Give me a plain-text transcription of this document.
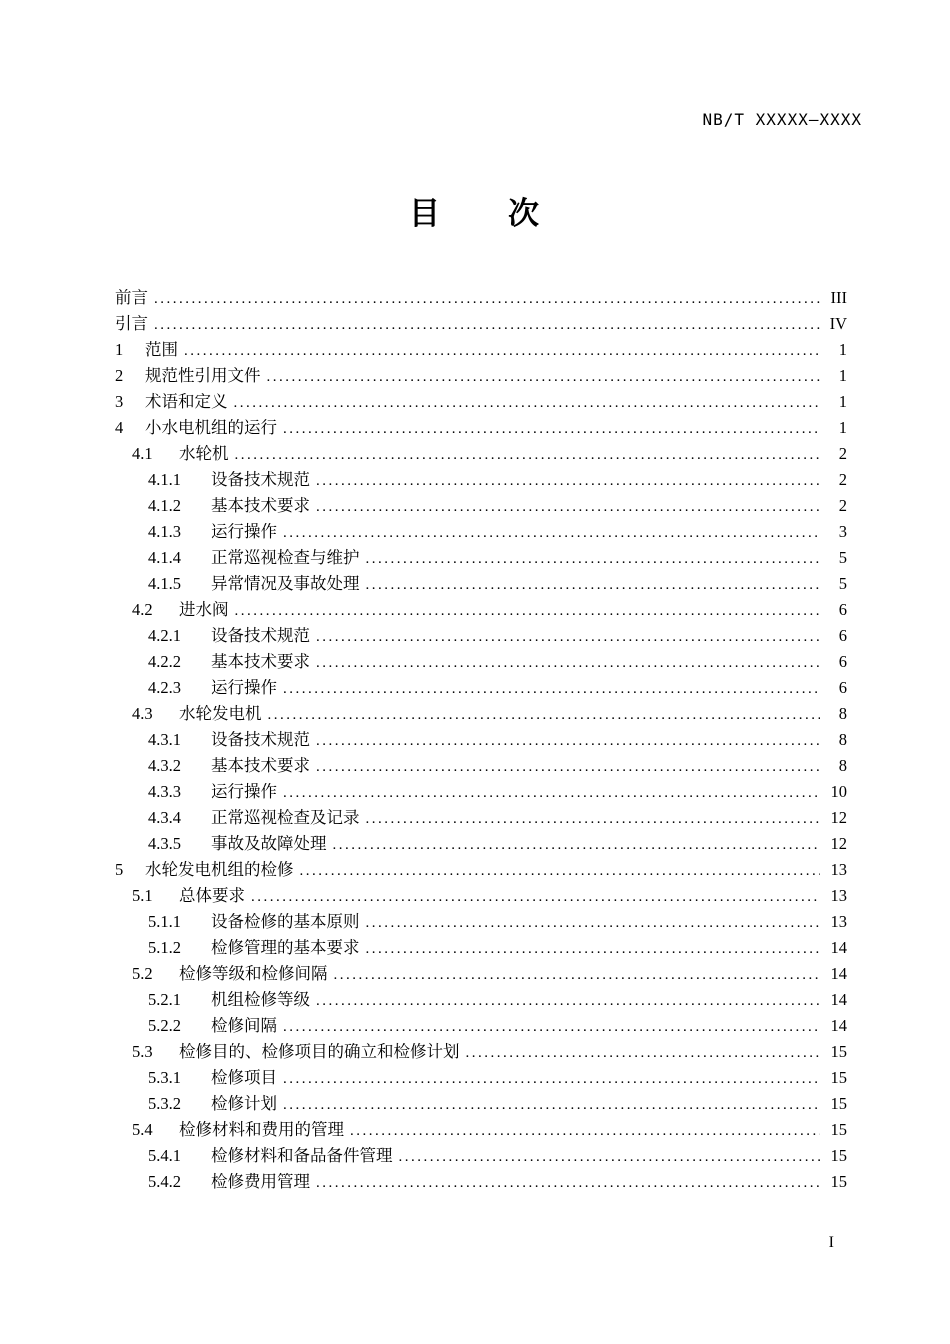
NB/T XXXXX—XXXX
目　　次
前言 .....	III
引言 .....	IV
1	范围 .....	1
2	规范性引用文件 .....	1
3	术语和定义 .....	1
4	小水电机组的运行 .....	1
4.1	水轮机 .....	2
4.1.1	设备技术规范 .....	2
4.1.2	基本技术要求 .....	2
4.1.3	运行操作 .....	3
4.1.4	正常巡视检查与维护 .....	5
4.1.5	异常情况及事故处理 .....	5
4.2	进水阀 .....	6
4.2.1	设备技术规范 .....	6
4.2.2	基本技术要求 .....	6
4.2.3	运行操作 .....	6
4.3	水轮发电机 .....	8
4.3.1	设备技术规范 .....	8
4.3.2	基本技术要求 .....	8
4.3.3	运行操作 .....	10
4.3.4	正常巡视检查及记录 .....	12
4.3.5	事故及故障处理 .....	12
5	水轮发电机组的检修 .....	13
5.1	总体要求 .....	13
5.1.1	设备检修的基本原则 .....	13
5.1.2	检修管理的基本要求 .....	14
5.2	检修等级和检修间隔 .....	14
5.2.1	机组检修等级 .....	14
5.2.2	检修间隔 .....	14
5.3	检修目的、检修项目的确立和检修计划 .....	15
5.3.1	检修项目 .....	15
5.3.2	检修计划 .....	15
5.4	检修材料和费用的管理 .....	15
5.4.1	检修材料和备品备件管理 .....	15
5.4.2	检修费用管理 .....	15
I
